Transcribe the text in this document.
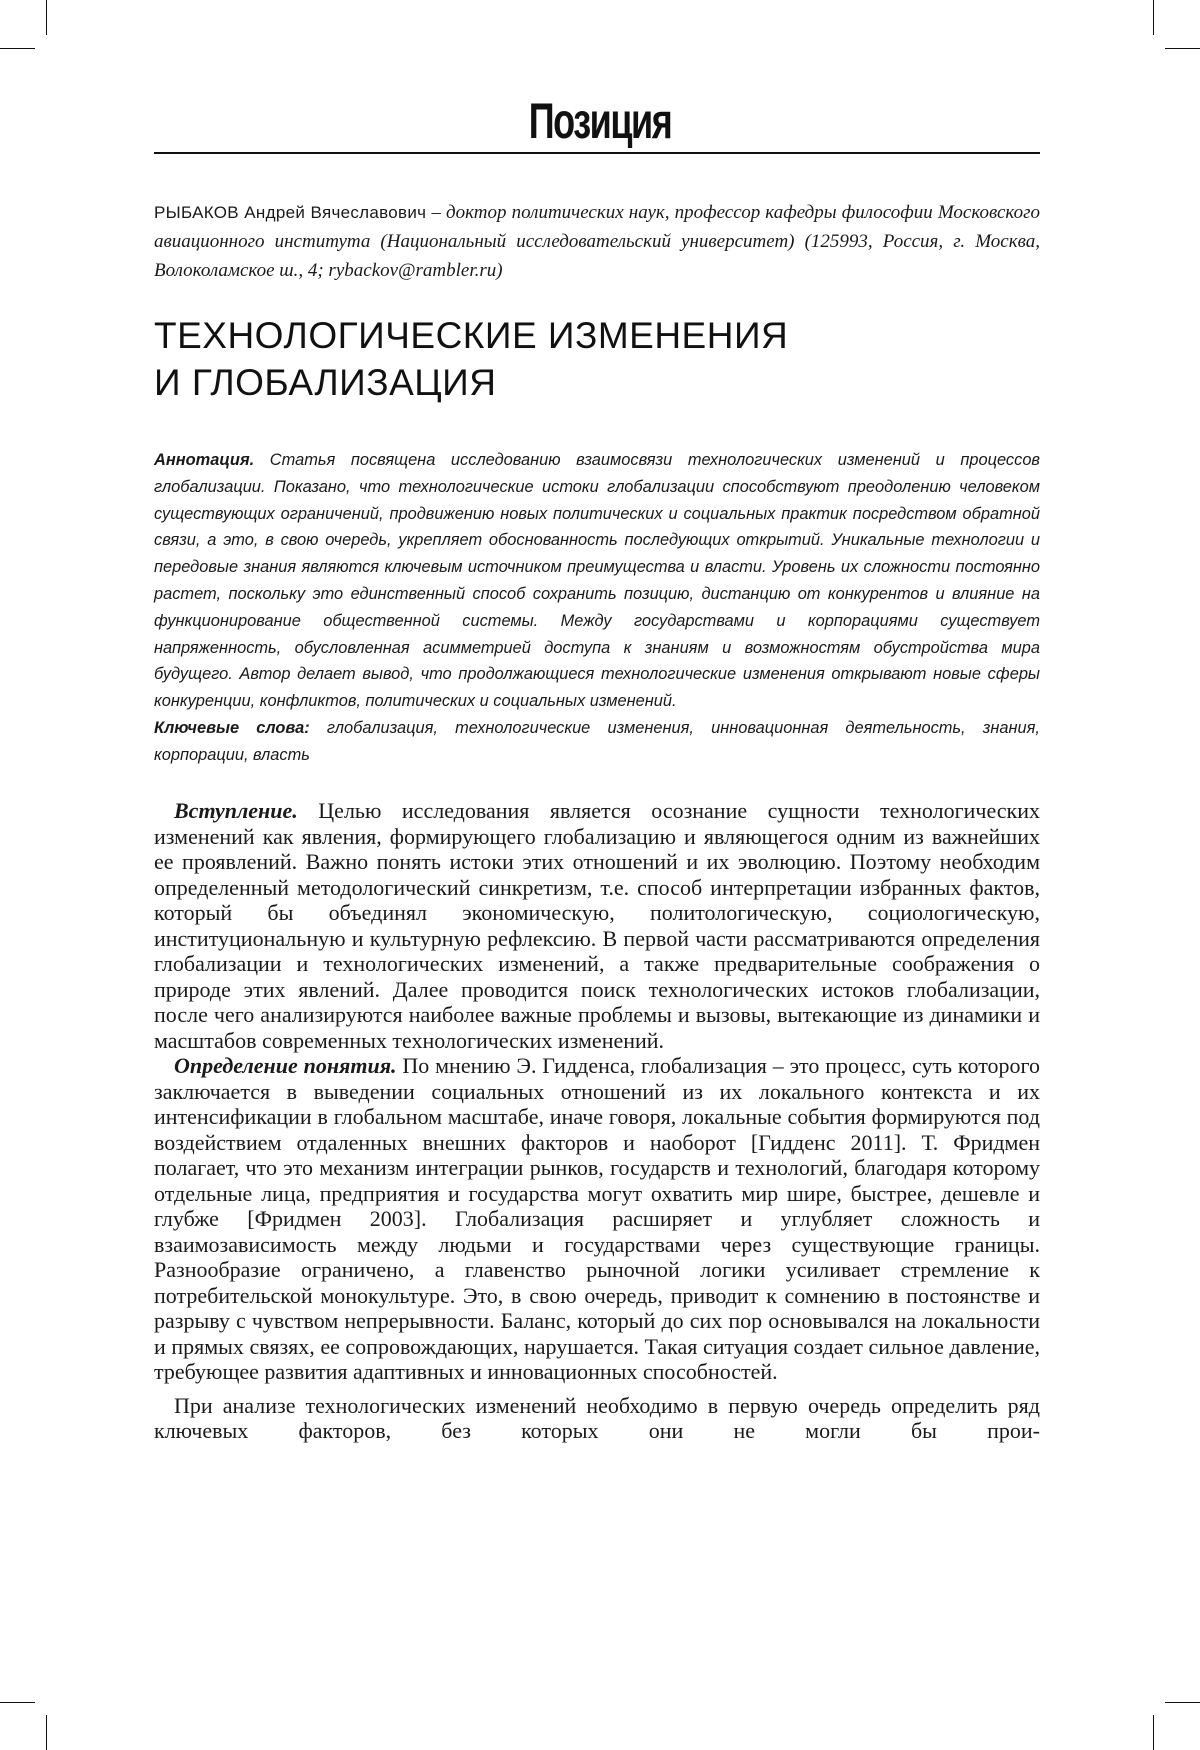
Позиция
РЫБАКОВ Андрей Вячеславович – доктор политических наук, профессор кафедры философии Московского авиационного института (Национальный исследовательский университет) (125993, Россия, г. Москва, Волоколамское ш., 4; rybackov@rambler.ru)
ТЕХНОЛОГИЧЕСКИЕ ИЗМЕНЕНИЯ
И ГЛОБАЛИЗАЦИЯ
Аннотация. Статья посвящена исследованию взаимосвязи технологических изменений и процессов глобализации. Показано, что технологические истоки глобализации способствуют преодолению человеком существующих ограничений, продвижению новых политических и социальных практик посредством обратной связи, а это, в свою очередь, укрепляет обоснованность последующих открытий. Уникальные технологии и передовые знания являются ключевым источником преимущества и власти. Уровень их сложности постоянно растет, поскольку это единственный способ сохранить позицию, дистанцию от конкурентов и влияние на функционирование общественной системы. Между государствами и корпорациями существует напряженность, обусловленная асимметрией доступа к знаниям и возможностям обустройства мира будущего. Автор делает вывод, что продолжающиеся технологические изменения открывают новые сферы конкуренции, конфликтов, политических и социальных изменений.
Ключевые слова: глобализация, технологические изменения, инновационная деятельность, знания, корпорации, власть

Вступление. Целью исследования является осознание сущности технологических изменений как явления, формирующего глобализацию и являющегося одним из важнейших ее проявлений. Важно понять истоки этих отношений и их эволюцию. Поэтому необходим определенный методологический синкретизм, т.е. способ интерпретации избранных фактов, который бы объединял экономическую, политологическую, социологическую, институциональную и культурную рефлексию. В первой части рассматриваются определения глобализации и технологических изменений, а также предварительные соображения о природе этих явлений. Далее проводится поиск технологических истоков глобализации, после чего анализируются наиболее важные проблемы и вызовы, вытекающие из динамики и масштабов современных технологических изменений.

Определение понятия. По мнению Э. Гидденса, глобализация – это процесс, суть которого заключается в выведении социальных отношений из их локального контекста и их интенсификации в глобальном масштабе, иначе говоря, локальные события формируются под воздействием отдаленных внешних факторов и наоборот [Гидденс 2011]. Т. Фридмен полагает, что это механизм интеграции рынков, государств и технологий, благодаря которому отдельные лица, предприятия и государства могут охватить мир шире, быстрее, дешевле и глубже [Фридмен 2003]. Глобализация расширяет и углубляет сложность и взаимозависимость между людьми и государствами через существующие границы. Разнообразие ограничено, а главенство рыночной логики усиливает стремление к потребительской монокультуре. Это, в свою очередь, приводит к сомнению в постоянстве и разрыву с чувством непрерывности. Баланс, который до сих пор основывался на локальности и прямых связях, ее сопровождающих, нарушается. Такая ситуация создает сильное давление, требующее развития адаптивных и инновационных способностей.

При анализе технологических изменений необходимо в первую очередь определить ряд ключевых факторов, без которых они не могли бы прои-
